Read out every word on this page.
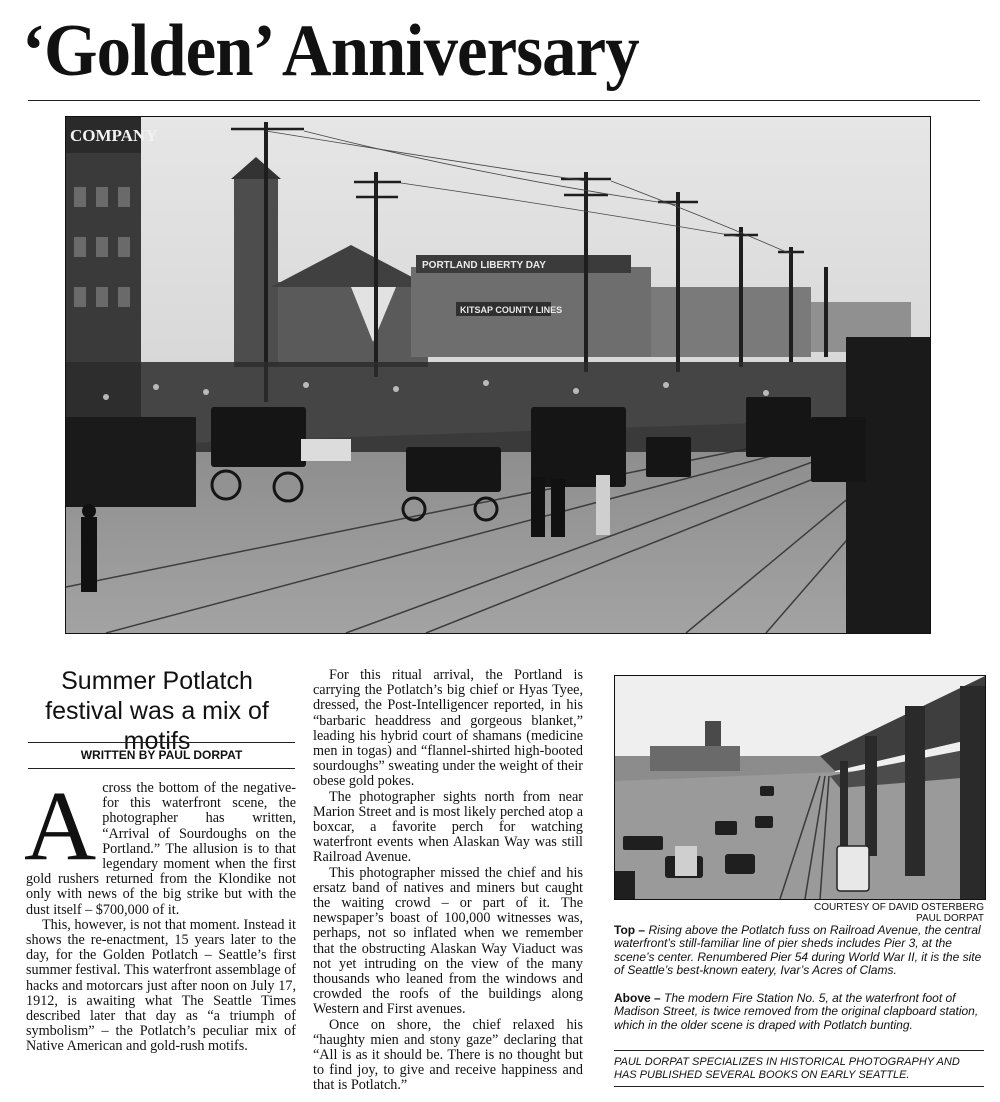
‘Golden’ Anniversary
COMPANY
PORTLAND LIBERTY DAY
KITSAP COUNTY LINES
Summer Potlatch festival was a mix of motifs
WRITTEN BY PAUL DORPAT

Across the bottom of the negative-for this waterfront scene, the photographer has written, “Arrival of Sourdoughs on the Portland.” The allusion is to that legendary moment when the first gold rushers returned from the Klondike not only with news of the big strike but with the dust itself – $700,000 of it.

This, however, is not that moment. Instead it shows the re-enactment, 15 years later to the day, for the Golden Potlatch – Seattle’s first summer festival. This waterfront assemblage of hacks and motorcars just after noon on July 17, 1912, is awaiting what The Seattle Times described later that day as “a triumph of symbolism” – the Potlatch’s peculiar mix of Native American and gold-rush motifs.

For this ritual arrival, the Portland is carrying the Potlatch’s big chief or Hyas Tyee, dressed, the Post-Intelligencer reported, in his “barbaric headdress and gorgeous blanket,” leading his hybrid court of shamans (medicine men in togas) and “flannel-shirted high-booted sourdoughs” sweating under the weight of their obese gold pokes.

The photographer sights north from near Marion Street and is most likely perched atop a boxcar, a favorite perch for watching waterfront events when Alaskan Way was still Railroad Avenue.

This photographer missed the chief and his ersatz band of natives and miners but caught the waiting crowd – or part of it. The newspaper’s boast of 100,000 witnesses was, perhaps, not so inflated when we remember that the obstructing Alaskan Way Viaduct was not yet intruding on the view of the many thousands who leaned from the windows and crowded the roofs of the buildings along Western and First avenues.

Once on shore, the chief relaxed his “haughty mien and stony gaze” declaring that “All is as it should be. There is no thought but to find joy, to give and receive happiness and that is Potlatch.”

COURTESY OF DAVID OSTERBERG
PAUL DORPAT
Top – Rising above the Potlatch fuss on Railroad Avenue, the central waterfront’s still-familiar line of pier sheds includes Pier 3, at the scene’s center. Renumbered Pier 54 during World War II, it is the site of Seattle’s best-known eatery, Ivar’s Acres of Clams.
Above – The modern Fire Station No. 5, at the waterfront foot of Madison Street, is twice removed from the original clapboard station, which in the older scene is draped with Potlatch bunting.
PAUL DORPAT SPECIALIZES IN HISTORICAL PHOTOGRAPHY AND HAS PUBLISHED SEVERAL BOOKS ON EARLY SEATTLE.
